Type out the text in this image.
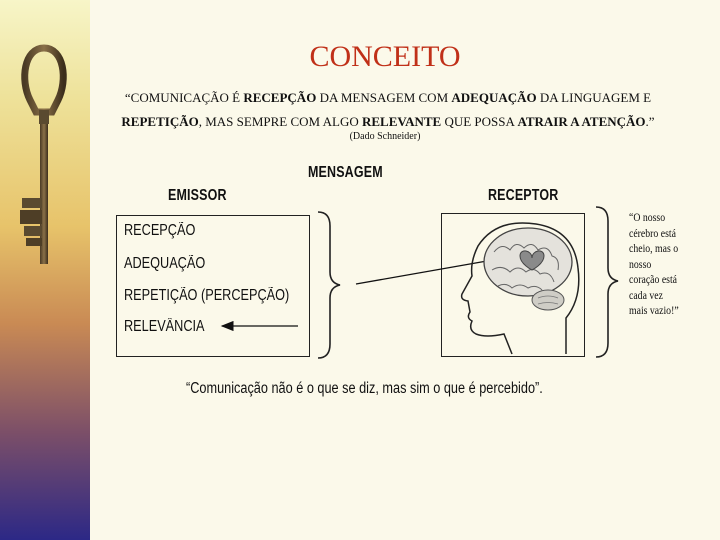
CONCEITO
“COMUNICAÇÃO É RECEPÇÃO DA MENSAGEM COM ADEQUAÇÃO DA LINGUAGEM E REPETIÇÃO, MAS SEMPRE COM ALGO RELEVANTE QUE POSSA ATRAIR A ATENÇÃO.”
(Dado Schneider)
MENSAGEM
EMISSOR	RECEPTOR
RECEPÇÃO
ADEQUAÇÃO
REPETIÇÃO (PERCEPÇÃO)
RELEVÂNCIA
“O nosso
cérebro está
cheio, mas o
nosso
coração está
cada vez
mais vazio!”
“Comunicação não é o que se diz, mas sim o que é percebido”.
